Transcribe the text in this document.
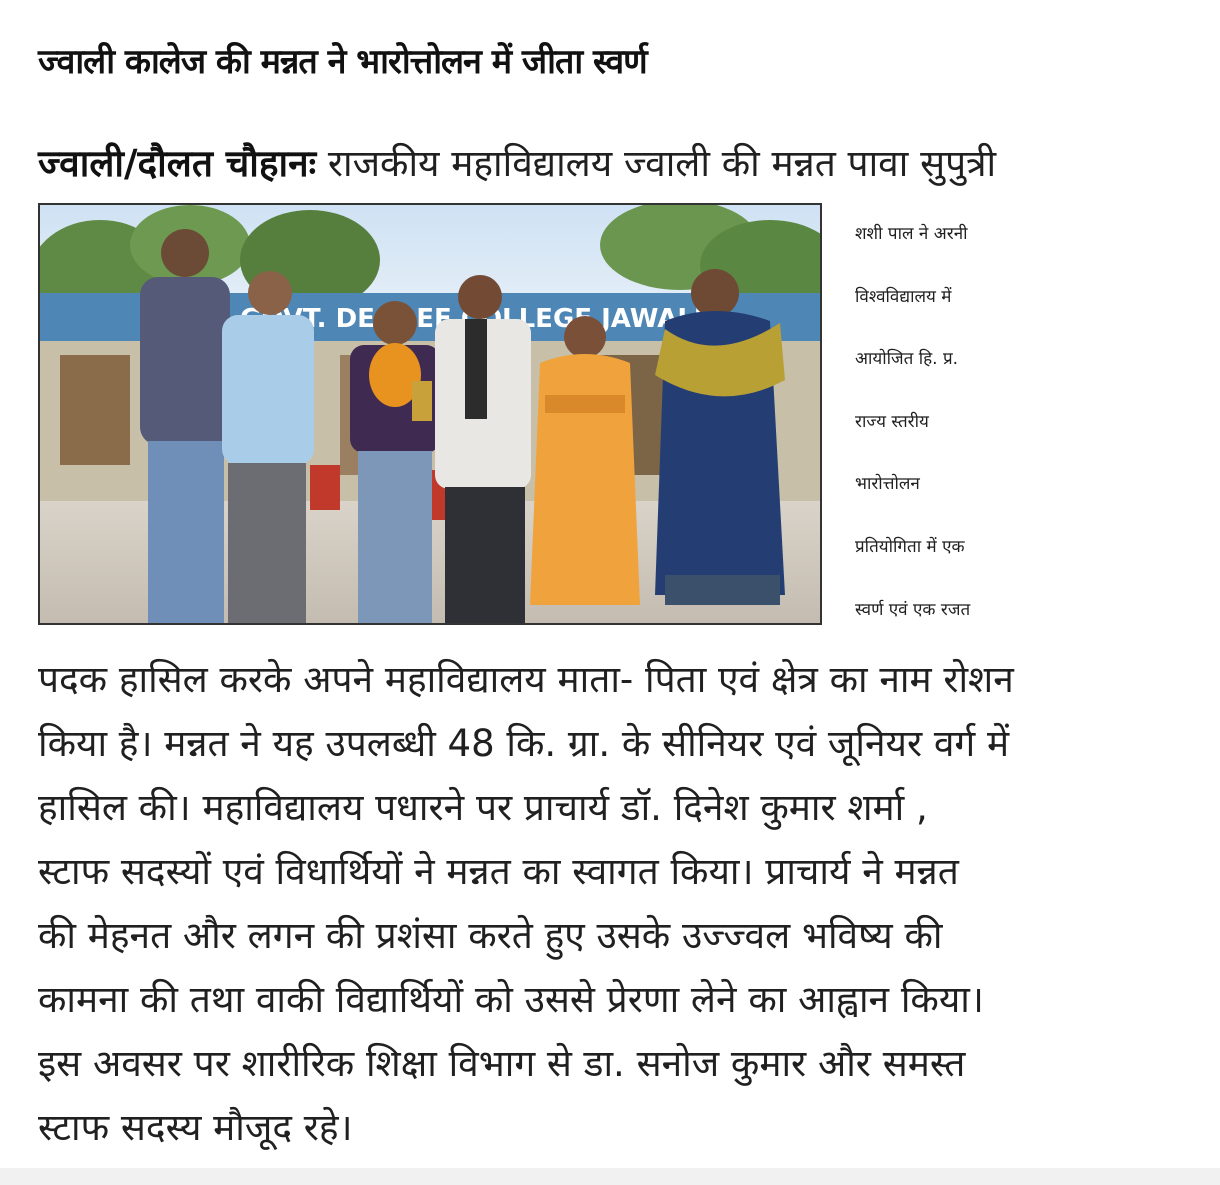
ज्वाली कालेज की मन्नत ने भारोत्तोलन में जीता स्वर्ण
ज्वाली/दौलत चौहानः राजकीय महाविद्यालय ज्वाली की मन्नत पावा सुपुत्री
COLLEGE JAWALI
शशी पाल ने अरनी
विश्वविद्यालय में
आयोजित हि. प्र.
राज्य स्तरीय
भारोत्तोलन
प्रतियोगिता में एक
स्वर्ण एवं एक रजत
पदक हासिल करके अपने महाविद्यालय माता- पिता एवं क्षेत्र का नाम रोशन
किया है। मन्नत ने यह उपलब्धी 48 कि. ग्रा. के सीनियर एवं जूनियर वर्ग में
हासिल की। महाविद्यालय पधारने पर प्राचार्य डॉ. दिनेश कुमार शर्मा ,
स्टाफ सदस्यों एवं विधार्थियों ने मन्नत का स्वागत किया। प्राचार्य ने मन्नत
की मेहनत और लगन की प्रशंसा करते हुए उसके उज्ज्वल भविष्य की
कामना की तथा वाकी विद्यार्थियों को उससे प्रेरणा लेने का आह्वान किया।
इस अवसर पर शारीरिक शिक्षा विभाग से डा. सनोज कुमार और समस्त
स्टाफ सदस्य मौजूद रहे।
